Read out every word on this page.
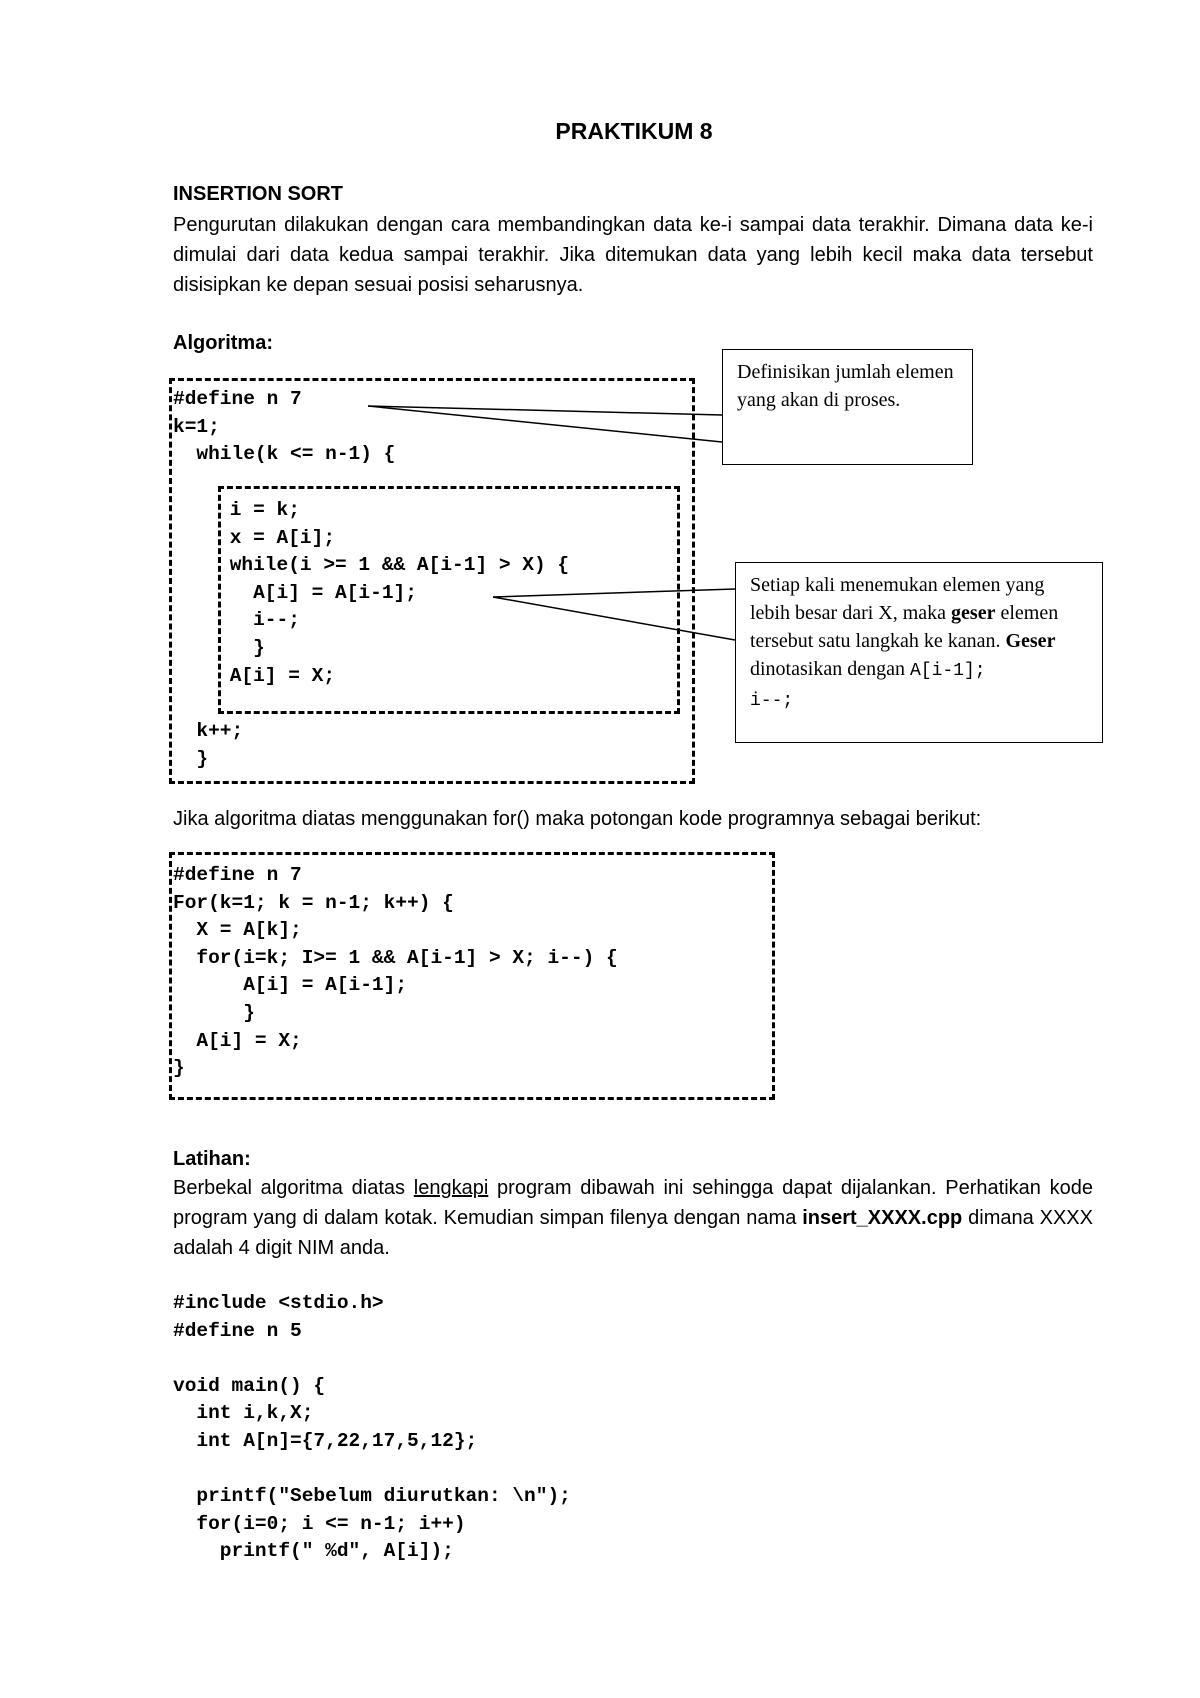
PRAKTIKUM 8
INSERTION SORT
Pengurutan dilakukan dengan cara membandingkan data ke-i sampai data terakhir. Dimana data ke-i dimulai dari data kedua sampai terakhir. Jika ditemukan data yang lebih kecil maka data tersebut disisipkan ke depan sesuai posisi seharusnya.
Algoritma:
#define n 7
k=1;
while(k <= n-1) {
i = k;
x = A[i];
while(i >= 1 && A[i-1] > X) {
A[i] = A[i-1];
i--;
}
A[i] = X;
k++;
}
Definisikan jumlah elemen yang akan di proses.
Setiap kali menemukan elemen yang lebih besar dari X, maka geser elemen tersebut satu langkah ke kanan. Geser dinotasikan dengan A[i-1];
i--;
Jika algoritma diatas menggunakan for() maka potongan kode programnya sebagai berikut:
#define n 7
For(k=1; k = n-1; k++) {
X = A[k];
for(i=k; I>= 1 && A[i-1] > X; i--) {
A[i] = A[i-1];
}
A[i] = X;
}
Latihan:
Berbekal algoritma diatas lengkapi program dibawah ini sehingga dapat dijalankan. Perhatikan kode program yang di dalam kotak. Kemudian simpan filenya dengan nama insert_XXXX.cpp dimana XXXX adalah 4 digit NIM anda.
#include <stdio.h>
#define n 5

void main() {
int i,k,X;
int A[n]={7,22,17,5,12};

printf("Sebelum diurutkan: \n");
for(i=0; i <= n-1; i++)
printf(" %d", A[i]);
